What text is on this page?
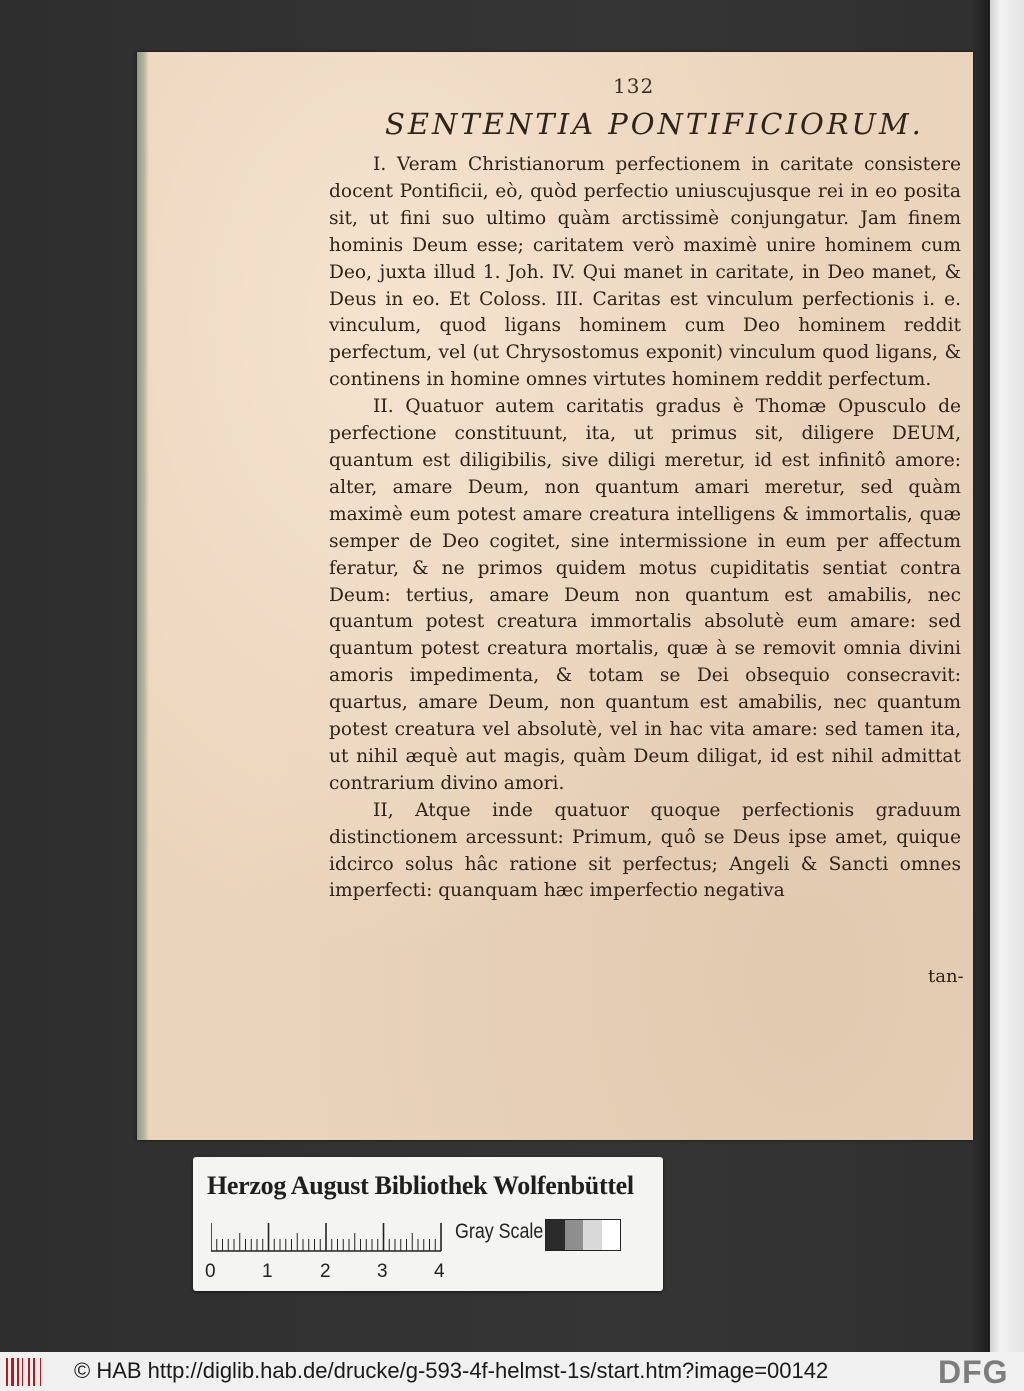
132
SENTENTIA PONTIFICIORUM.

I. Veram Christianorum perfectionem in caritate consistere docent Pontificii, eò, quòd perfectio uniuscujusque rei in eo posita sit, ut fini suo ultimo quàm arctissimè conjungatur. Jam finem hominis Deum esse; caritatem verò maximè unire hominem cum Deo, juxta illud 1. Joh. IV. Qui manet in caritate, in Deo manet, & Deus in eo. Et Coloss. III. Caritas est vinculum perfectionis i. e. vinculum, quod ligans hominem cum Deo hominem reddit perfectum, vel (ut Chrysostomus exponit) vinculum quod ligans, & continens in homine omnes virtutes hominem reddit perfectum.

II. Quatuor autem caritatis gradus è Thomæ Opusculo de perfectione constituunt, ita, ut primus sit, diligere DEUM, quantum est diligibilis, sive diligi meretur, id est infinitô amore: alter, amare Deum, non quantum amari meretur, sed quàm maximè eum potest amare creatura intelligens & immortalis, quæ semper de Deo cogitet, sine intermissione in eum per affectum feratur, & ne primos quidem motus cupiditatis sentiat contra Deum: tertius, amare Deum non quantum est amabilis, nec quantum potest creatura immortalis absolutè eum amare: sed quantum potest creatura mortalis, quæ à se removit omnia divini amoris impedimenta, & totam se Dei obsequio consecravit: quartus, amare Deum, non quantum est amabilis, nec quantum potest creatura vel absolutè, vel in hac vita amare: sed tamen ita, ut nihil æquè aut magis, quàm Deum diligat, id est nihil admittat contrarium divino amori.

II, Atque inde quatuor quoque perfectionis graduum distinctionem arcessunt: Primum, quô se Deus ipse amet, quique idcirco solus hâc ratione sit perfectus; Angeli & Sancti omnes imperfecti: quanquam hæc imperfectio negativa

tan-
Herzog August Bibliothek Wolfenbüttel
0 1 2 3 4
Gray Scale
© HAB http://diglib.hab.de/drucke/g-593-4f-helmst-1s/start.htm?image=00142	DFG
